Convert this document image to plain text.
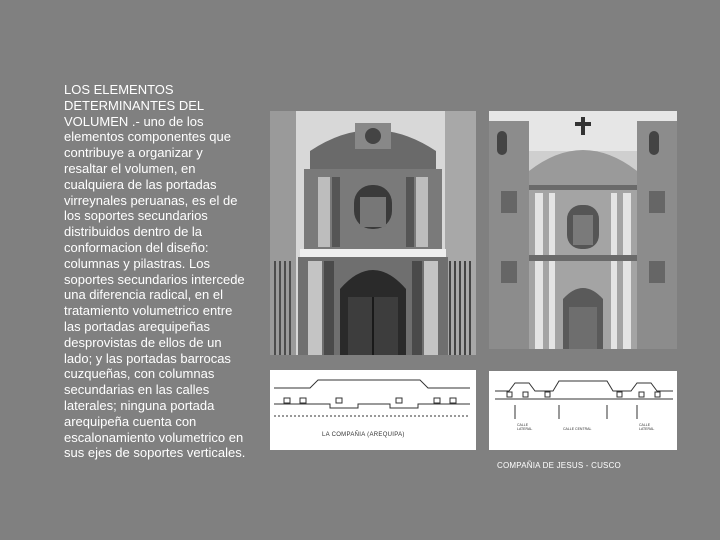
LOS ELEMENTOS
DETERMINANTES DEL
VOLUMEN .- uno de los
elementos componentes que
contribuye a organizar y
resaltar el volumen, en
cualquiera de las portadas
virreynales peruanas, es el de
los soportes secundarios
distribuidos dentro de la
conformacion del diseño:
columnas y pilastras. Los
soportes secundarios intercede
una diferencia radical, en el
tratamiento volumetrico entre
las portadas arequipeñas
desprovistas de ellos de un
lado; y las portadas barrocas
cuzqueñas, con columnas
secundarias en las calles
laterales; ninguna portada
arequipeña cuenta con
escalonamiento volumetrico en
sus ejes de soportes verticales.
LA COMPAÑIA (AREQUIPA)
CALLE
LATERAL	CALLE CENTRAL
CALLE
LATERAL
COMPAÑIA DE JESUS - CUSCO
